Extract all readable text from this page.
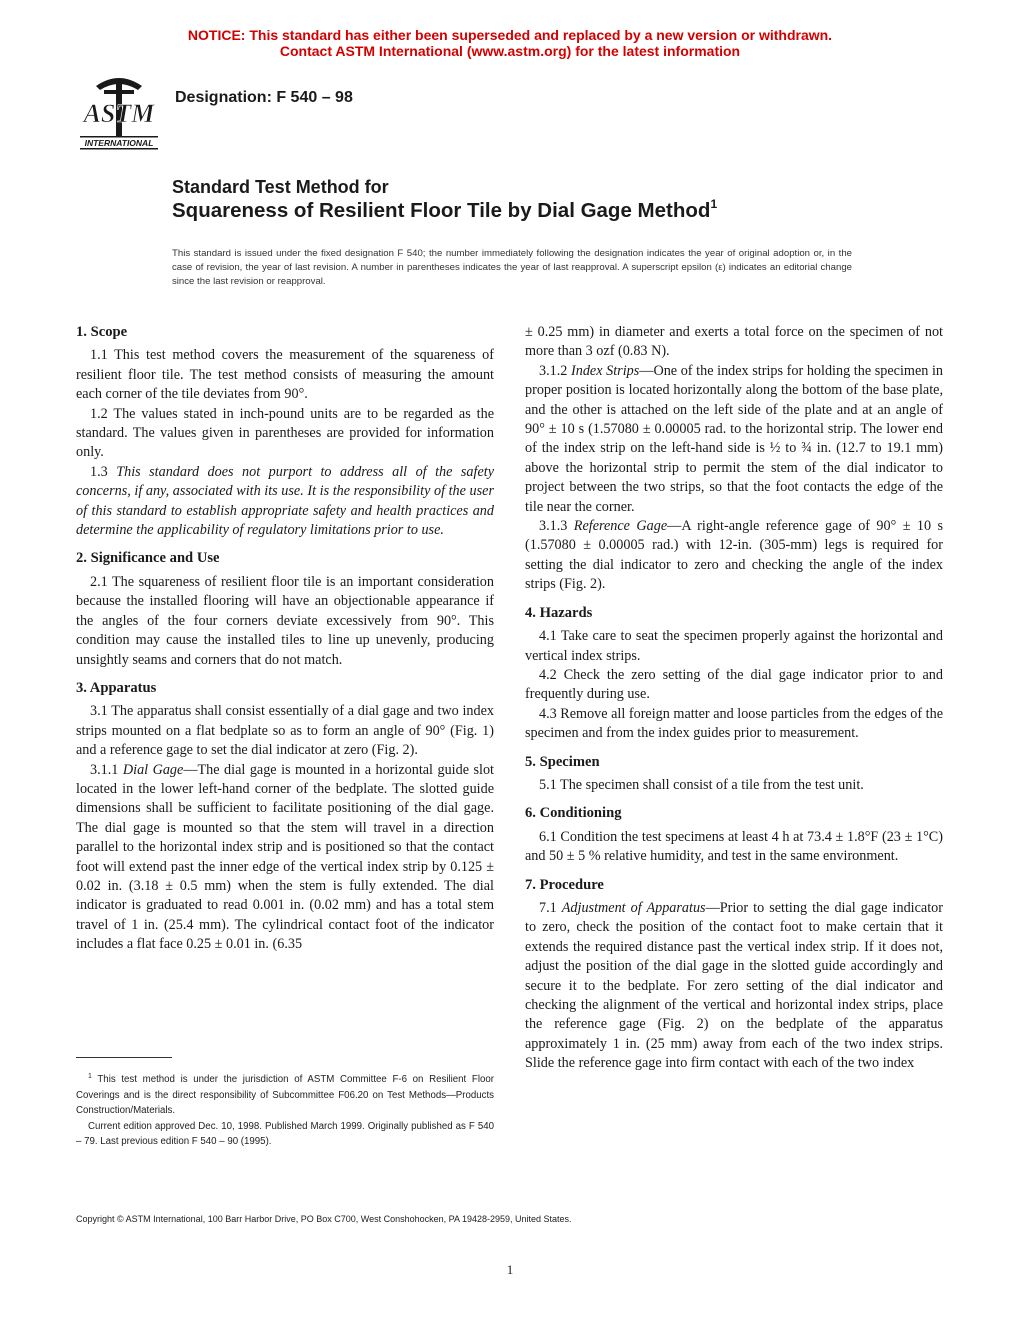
NOTICE: This standard has either been superseded and replaced by a new version or withdrawn.
Contact ASTM International (www.astm.org) for the latest information
ASTM
INTERNATIONAL
Designation: F 540 – 98
Standard Test Method for
Squareness of Resilient Floor Tile by Dial Gage Method$^1$
This standard is issued under the fixed designation F 540; the number immediately following the designation indicates the year of original adoption or, in the case of revision, the year of last revision. A number in parentheses indicates the year of last reapproval. A superscript epsilon (ε) indicates an editorial change since the last revision or reapproval.
1. Scope

1.1 This test method covers the measurement of the squareness of resilient floor tile. The test method consists of measuring the amount each corner of the tile deviates from 90°.

1.2 The values stated in inch-pound units are to be regarded as the standard. The values given in parentheses are provided for information only.

1.3 This standard does not purport to address all of the safety concerns, if any, associated with its use. It is the responsibility of the user of this standard to establish appropriate safety and health practices and determine the applicability of regulatory limitations prior to use.

2. Significance and Use

2.1 The squareness of resilient floor tile is an important consideration because the installed flooring will have an objectionable appearance if the angles of the four corners deviate excessively from 90°. This condition may cause the installed tiles to line up unevenly, producing unsightly seams and corners that do not match.

3. Apparatus

3.1 The apparatus shall consist essentially of a dial gage and two index strips mounted on a flat bedplate so as to form an angle of 90° (Fig. 1) and a reference gage to set the dial indicator at zero (Fig. 2).

3.1.1 Dial Gage—The dial gage is mounted in a horizontal guide slot located in the lower left-hand corner of the bedplate. The slotted guide dimensions shall be sufficient to facilitate positioning of the dial gage. The dial gage is mounted so that the stem will travel in a direction parallel to the horizontal index strip and is positioned so that the contact foot will extend past the inner edge of the vertical index strip by 0.125 ± 0.02 in. (3.18 ± 0.5 mm) when the stem is fully extended. The dial indicator is graduated to read 0.001 in. (0.02 mm) and has a total stem travel of 1 in. (25.4 mm). The cylindrical contact foot of the indicator includes a flat face 0.25 ± 0.01 in. (6.35

$^1$ This test method is under the jurisdiction of ASTM Committee F-6 on Resilient Floor Coverings and is the direct responsibility of Subcommittee F06.20 on Test Methods—Products Construction/Materials.

Current edition approved Dec. 10, 1998. Published March 1999. Originally published as F 540 – 79. Last previous edition F 540 – 90 (1995).

± 0.25 mm) in diameter and exerts a total force on the specimen of not more than 3 ozf (0.83 N).

3.1.2 Index Strips—One of the index strips for holding the specimen in proper position is located horizontally along the bottom of the base plate, and the other is attached on the left side of the plate and at an angle of 90° ± 10 s (1.57080 ± 0.00005 rad. to the horizontal strip. The lower end of the index strip on the left-hand side is ½ to ¾ in. (12.7 to 19.1 mm) above the horizontal strip to permit the stem of the dial indicator to project between the two strips, so that the foot contacts the edge of the tile near the corner.

3.1.3 Reference Gage—A right-angle reference gage of 90° ± 10 s (1.57080 ± 0.00005 rad.) with 12-in. (305-mm) legs is required for setting the dial indicator to zero and checking the angle of the index strips (Fig. 2).

4. Hazards

4.1 Take care to seat the specimen properly against the horizontal and vertical index strips.

4.2 Check the zero setting of the dial gage indicator prior to and frequently during use.

4.3 Remove all foreign matter and loose particles from the edges of the specimen and from the index guides prior to measurement.

5. Specimen

5.1 The specimen shall consist of a tile from the test unit.

6. Conditioning

6.1 Condition the test specimens at least 4 h at 73.4 ± 1.8°F (23 ± 1°C) and 50 ± 5 % relative humidity, and test in the same environment.

7. Procedure

7.1 Adjustment of Apparatus—Prior to setting the dial gage indicator to zero, check the position of the contact foot to make certain that it extends the required distance past the vertical index strip. If it does not, adjust the position of the dial gage in the slotted guide accordingly and secure it to the bedplate. For zero setting of the dial indicator and checking the alignment of the vertical and horizontal index strips, place the reference gage (Fig. 2) on the bedplate of the apparatus approximately 1 in. (25 mm) away from each of the two index strips. Slide the reference gage into firm contact with each of the two index

Copyright © ASTM International, 100 Barr Harbor Drive, PO Box C700, West Conshohocken, PA 19428-2959, United States.
1
